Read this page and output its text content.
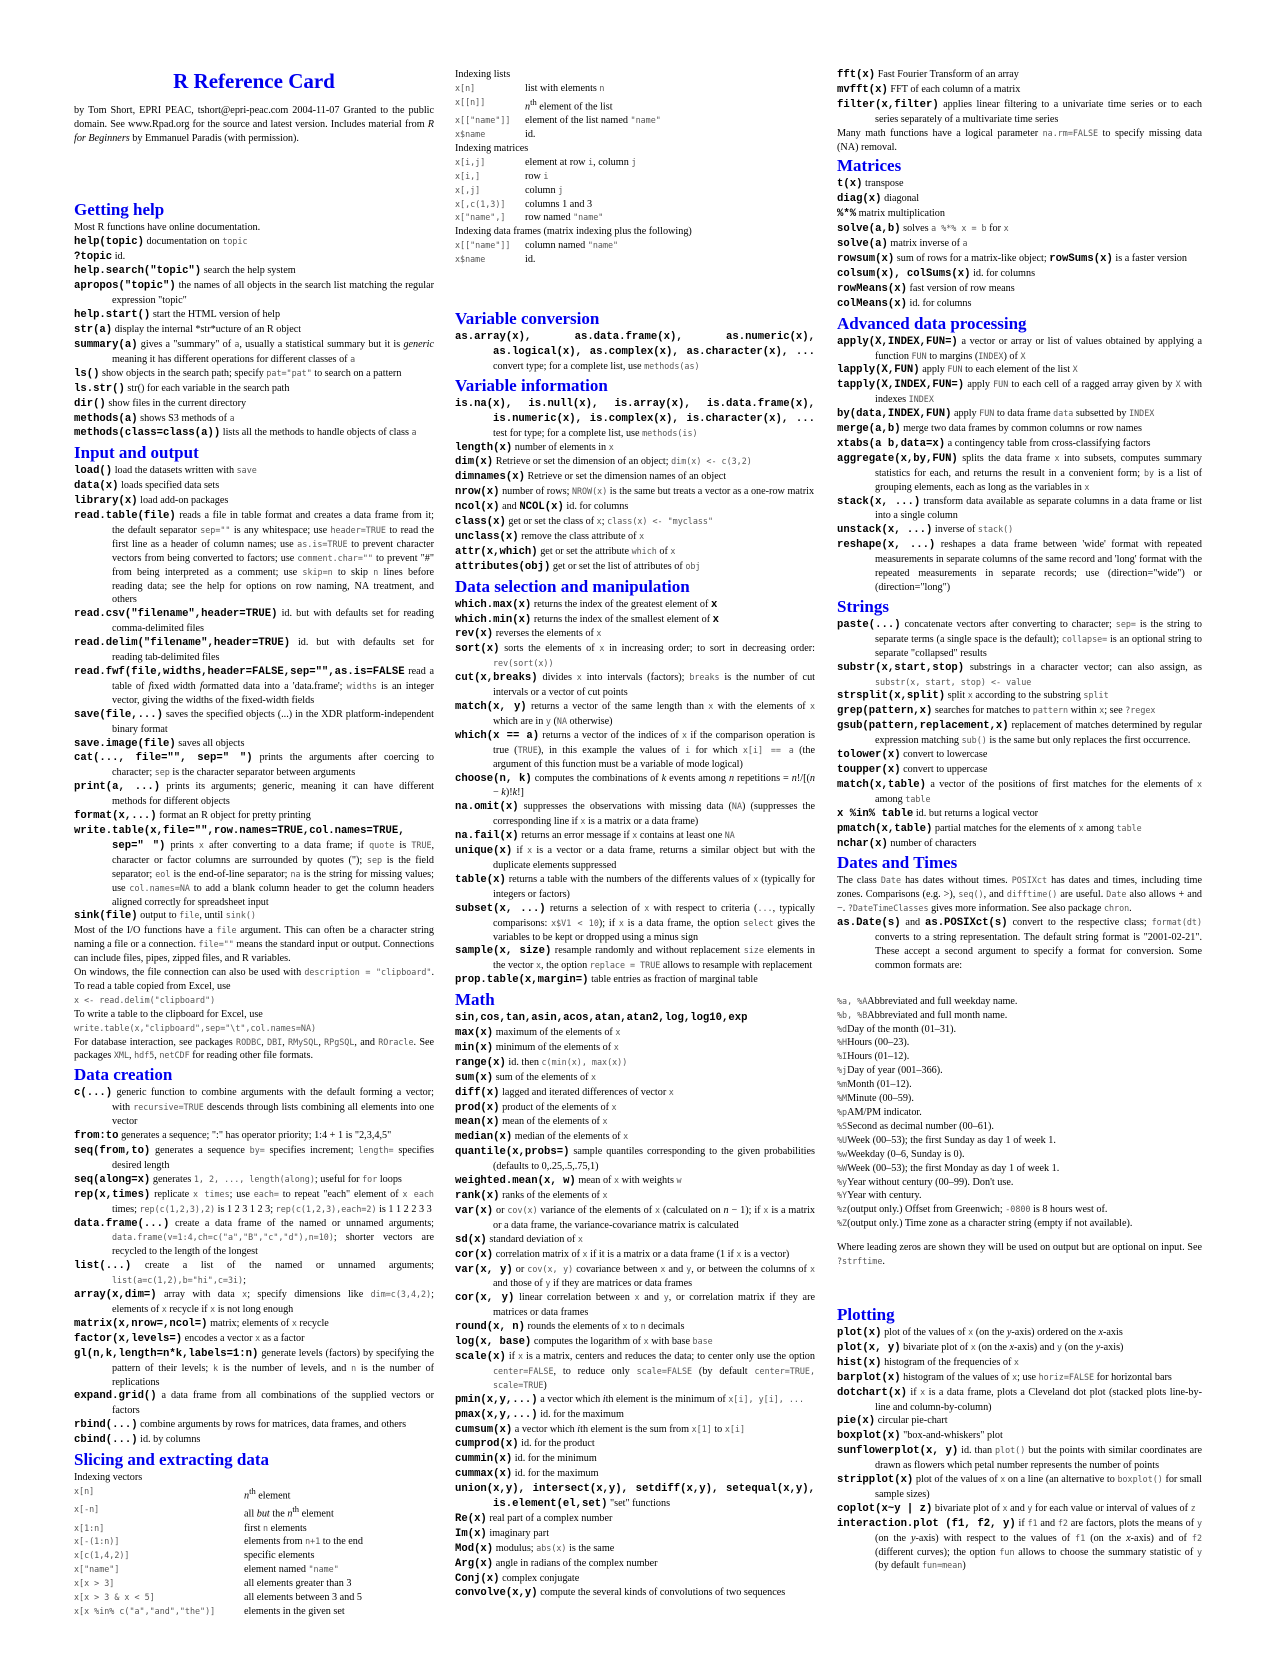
R Reference Card
by Tom Short, EPRI PEAC, tshort@epri-peac.com 2004-11-07 Granted to the public domain. See www.Rpad.org for the source and latest version. Includes material from R for Beginners by Emmanuel Paradis (with permission).
Getting help
Most R functions have online documentation.
help(topic) documentation on topic
?topic id.
help.search("topic") search the help system
apropos("topic") the names of all objects in the search list matching the regular expression "topic"
help.start() start the HTML version of help
str(a) display the internal *str*ucture of an R object
summary(a) gives a "summary" of a, usually a statistical summary but it is generic meaning it has different operations for different classes of a
ls() show objects in the search path; specify pat="pat" to search on a pattern
ls.str() str() for each variable in the search path
dir() show files in the current directory
methods(a) shows S3 methods of a
methods(class=class(a)) lists all the methods to handle objects of class a
Input and output
load() load the datasets written with save
data(x) loads specified data sets
library(x) load add-on packages
read.table(file) reads a file in table format and creates a data frame from it; the default separator sep="" is any whitespace; use header=TRUE to read the first line as a header of column names; use as.is=TRUE to prevent character vectors from being converted to factors; use comment.char="" to prevent "#" from being interpreted as a comment; use skip=n to skip n lines before reading data; see the help for options on row naming, NA treatment, and others
read.csv("filename",header=TRUE) id. but with defaults set for reading comma-delimited files
read.delim("filename",header=TRUE) id. but with defaults set for reading tab-delimited files
read.fwf(file,widths,header=FALSE,sep="",as.is=FALSE read a table of fixed width formatted data into a 'data.frame'; widths is an integer vector, giving the widths of the fixed-width fields
save(file,...) saves the specified objects (...) in the XDR platform-independent binary format
save.image(file) saves all objects
cat(..., file="", sep=" ") prints the arguments after coercing to character; sep is the character separator between arguments
print(a, ...) prints its arguments; generic, meaning it can have different methods for different objects
format(x,...) format an R object for pretty printing
write.table(x,file="",row.names=TRUE,col.names=TRUE, sep=" ") prints x after converting to a data frame; if quote is TRUE, character or factor columns are surrounded by quotes ("); sep is the field separator; eol is the end-of-line separator; na is the string for missing values; use col.names=NA to add a blank column header to get the column headers aligned correctly for spreadsheet input
sink(file) output to file, until sink()
Most of the I/O functions have a file argument. This can often be a character string naming a file or a connection. file="" means the standard input or output. Connections can include files, pipes, zipped files, and R variables.
On windows, the file connection can also be used with description = "clipboard". To read a table copied from Excel, use
x <- read.delim("clipboard")
To write a table to the clipboard for Excel, use
write.table(x,"clipboard",sep="\t",col.names=NA)
For database interaction, see packages RODBC, DBI, RMySQL, RPgSQL, and ROracle. See packages XML, hdf5, netCDF for reading other file formats.
Data creation
c(...) generic function to combine arguments with the default forming a vector; with recursive=TRUE descends through lists combining all elements into one vector
from:to generates a sequence; ":" has operator priority; 1:4 + 1 is "2,3,4,5"
seq(from,to) generates a sequence by= specifies increment; length= specifies desired length
seq(along=x) generates 1, 2, ..., length(along); useful for for loops
rep(x,times) replicate x times; use each= to repeat "each" element of x each times; rep(c(1,2,3),2) is 1 2 3 1 2 3; rep(c(1,2,3),each=2) is 1 1 2 2 3 3
data.frame(...) create a data frame of the named or unnamed arguments; data.frame(v=1:4,ch=c("a","B","c","d"),n=10); shorter vectors are recycled to the length of the longest
list(...) create a list of the named or unnamed arguments; list(a=c(1,2),b="hi",c=3i);
array(x,dim=) array with data x; specify dimensions like dim=c(3,4,2); elements of x recycle if x is not long enough
matrix(x,nrow=,ncol=) matrix; elements of x recycle
factor(x,levels=) encodes a vector x as a factor
gl(n,k,length=n*k,labels=1:n) generate levels (factors) by specifying the pattern of their levels; k is the number of levels, and n is the number of replications
expand.grid() a data frame from all combinations of the supplied vectors or factors
rbind(...) combine arguments by rows for matrices, data frames, and others
cbind(...) id. by columns
Slicing and extracting data
Indexing vectors
x[n]	$n^{th}$ element
x[-n]	all but the $n^{th}$ element
x[1:n]	first n elements
x[-(1:n)]	elements from n+1 to the end
x[c(1,4,2)]	specific elements
x["name"]	element named "name"
x[x > 3]	all elements greater than 3
x[x > 3 & x < 5]	all elements between 3 and 5
x[x %in% c("a","and","the")]	elements in the given set
Indexing lists
x[n]	list with elements n
x[[n]]	$n^{th}$ element of the list
x[["name"]]	element of the list named "name"
x$name	id.
Indexing matrices
x[i,j]	element at row i, column j
x[i,]	row i
x[,j]	column j
x[,c(1,3)]	columns 1 and 3
x["name",]	row named "name"
Indexing data frames (matrix indexing plus the following)
x[["name"]]	column named "name"
x$name	id.
Variable conversion
as.array(x), as.data.frame(x), as.numeric(x), as.logical(x), as.complex(x), as.character(x), ... convert type; for a complete list, use methods(as)
Variable information
is.na(x), is.null(x), is.array(x), is.data.frame(x), is.numeric(x), is.complex(x), is.character(x), ... test for type; for a complete list, use methods(is)
length(x) number of elements in x
dim(x) Retrieve or set the dimension of an object; dim(x) <- c(3,2)
dimnames(x) Retrieve or set the dimension names of an object
nrow(x) number of rows; NROW(x) is the same but treats a vector as a one-row matrix
ncol(x) and NCOL(x) id. for columns
class(x) get or set the class of x; class(x) <- "myclass"
unclass(x) remove the class attribute of x
attr(x,which) get or set the attribute which of x
attributes(obj) get or set the list of attributes of obj
Data selection and manipulation
which.max(x) returns the index of the greatest element of x
which.min(x) returns the index of the smallest element of x
rev(x) reverses the elements of x
sort(x) sorts the elements of x in increasing order; to sort in decreasing order: rev(sort(x))
cut(x,breaks) divides x into intervals (factors); breaks is the number of cut intervals or a vector of cut points
match(x, y) returns a vector of the same length than x with the elements of x which are in y (NA otherwise)
which(x == a) returns a vector of the indices of x if the comparison operation is true (TRUE), in this example the values of i for which x[i] == a (the argument of this function must be a variable of mode logical)
choose(n, k) computes the combinations of k events among n repetitions = n!/[(n − k)!k!]
na.omit(x) suppresses the observations with missing data (NA) (suppresses the corresponding line if x is a matrix or a data frame)
na.fail(x) returns an error message if x contains at least one NA
unique(x) if x is a vector or a data frame, returns a similar object but with the duplicate elements suppressed
table(x) returns a table with the numbers of the differents values of x (typically for integers or factors)
subset(x, ...) returns a selection of x with respect to criteria (..., typically comparisons: x$V1 < 10); if x is a data frame, the option select gives the variables to be kept or dropped using a minus sign
sample(x, size) resample randomly and without replacement size elements in the vector x, the option replace = TRUE allows to resample with replacement
prop.table(x,margin=) table entries as fraction of marginal table
Math
sin,cos,tan,asin,acos,atan,atan2,log,log10,exp
max(x) maximum of the elements of x
min(x) minimum of the elements of x
range(x) id. then c(min(x), max(x))
sum(x) sum of the elements of x
diff(x) lagged and iterated differences of vector x
prod(x) product of the elements of x
mean(x) mean of the elements of x
median(x) median of the elements of x
quantile(x,probs=) sample quantiles corresponding to the given probabilities (defaults to 0,.25,.5,.75,1)
weighted.mean(x, w) mean of x with weights w
rank(x) ranks of the elements of x
var(x) or cov(x) variance of the elements of x (calculated on n − 1); if x is a matrix or a data frame, the variance-covariance matrix is calculated
sd(x) standard deviation of x
cor(x) correlation matrix of x if it is a matrix or a data frame (1 if x is a vector)
var(x, y) or cov(x, y) covariance between x and y, or between the columns of x and those of y if they are matrices or data frames
cor(x, y) linear correlation between x and y, or correlation matrix if they are matrices or data frames
round(x, n) rounds the elements of x to n decimals
log(x, base) computes the logarithm of x with base base
scale(x) if x is a matrix, centers and reduces the data; to center only use the option center=FALSE, to reduce only scale=FALSE (by default center=TRUE, scale=TRUE)
pmin(x,y,...) a vector which ith element is the minimum of x[i], y[i], ...
pmax(x,y,...) id. for the maximum
cumsum(x) a vector which ith element is the sum from x[1] to x[i]
cumprod(x) id. for the product
cummin(x) id. for the minimum
cummax(x) id. for the maximum
union(x,y), intersect(x,y), setdiff(x,y), setequal(x,y), is.element(el,set) "set" functions
Re(x) real part of a complex number
Im(x) imaginary part
Mod(x) modulus; abs(x) is the same
Arg(x) angle in radians of the complex number
Conj(x) complex conjugate
convolve(x,y) compute the several kinds of convolutions of two sequences
fft(x) Fast Fourier Transform of an array
mvfft(x) FFT of each column of a matrix
filter(x,filter) applies linear filtering to a univariate time series or to each series separately of a multivariate time series
Many math functions have a logical parameter na.rm=FALSE to specify missing data (NA) removal.
Matrices
t(x) transpose
diag(x) diagonal
%*% matrix multiplication
solve(a,b) solves a %*% x = b for x
solve(a) matrix inverse of a
rowsum(x) sum of rows for a matrix-like object; rowSums(x) is a faster version
colsum(x), colSums(x) id. for columns
rowMeans(x) fast version of row means
colMeans(x) id. for columns
Advanced data processing
apply(X,INDEX,FUN=) a vector or array or list of values obtained by applying a function FUN to margins (INDEX) of X
lapply(X,FUN) apply FUN to each element of the list X
tapply(X,INDEX,FUN=) apply FUN to each cell of a ragged array given by X with indexes INDEX
by(data,INDEX,FUN) apply FUN to data frame data subsetted by INDEX
merge(a,b) merge two data frames by common columns or row names
xtabs(a b,data=x) a contingency table from cross-classifying factors
aggregate(x,by,FUN) splits the data frame x into subsets, computes summary statistics for each, and returns the result in a convenient form; by is a list of grouping elements, each as long as the variables in x
stack(x, ...) transform data available as separate columns in a data frame or list into a single column
unstack(x, ...) inverse of stack()
reshape(x, ...) reshapes a data frame between 'wide' format with repeated measurements in separate columns of the same record and 'long' format with the repeated measurements in separate records; use (direction="wide") or (direction="long")
Strings
paste(...) concatenate vectors after converting to character; sep= is the string to separate terms (a single space is the default); collapse= is an optional string to separate "collapsed" results
substr(x,start,stop) substrings in a character vector; can also assign, as substr(x, start, stop) <- value
strsplit(x,split) split x according to the substring split
grep(pattern,x) searches for matches to pattern within x; see ?regex
gsub(pattern,replacement,x) replacement of matches determined by regular expression matching sub() is the same but only replaces the first occurrence.
tolower(x) convert to lowercase
toupper(x) convert to uppercase
match(x,table) a vector of the positions of first matches for the elements of x among table
x %in% table id. but returns a logical vector
pmatch(x,table) partial matches for the elements of x among table
nchar(x) number of characters
Dates and Times
The class Date has dates without times. POSIXct has dates and times, including time zones. Comparisons (e.g. >), seq(), and difftime() are useful. Date also allows + and −. ?DateTimeClasses gives more information. See also package chron.
as.Date(s) and as.POSIXct(s) convert to the respective class; format(dt) converts to a string representation. The default string format is "2001-02-21". These accept a second argument to specify a format for conversion. Some common formats are:
%a, %A Abbreviated and full weekday name.
%b, %B Abbreviated and full month name.
%d Day of the month (01–31).
%H Hours (00–23).
%I Hours (01–12).
%j Day of year (001–366).
%m Month (01–12).
%M Minute (00–59).
%p AM/PM indicator.
%S Second as decimal number (00–61).
%U Week (00–53); the first Sunday as day 1 of week 1.
%w Weekday (0–6, Sunday is 0).
%W Week (00–53); the first Monday as day 1 of week 1.
%y Year without century (00–99). Don't use.
%Y Year with century.
%z (output only.) Offset from Greenwich; -0800 is 8 hours west of.
%Z (output only.) Time zone as a character string (empty if not available).
Where leading zeros are shown they will be used on output but are optional on input. See ?strftime.
Plotting
plot(x) plot of the values of x (on the y-axis) ordered on the x-axis
plot(x, y) bivariate plot of x (on the x-axis) and y (on the y-axis)
hist(x) histogram of the frequencies of x
barplot(x) histogram of the values of x; use horiz=FALSE for horizontal bars
dotchart(x) if x is a data frame, plots a Cleveland dot plot (stacked plots line-by-line and column-by-column)
pie(x) circular pie-chart
boxplot(x) "box-and-whiskers" plot
sunflowerplot(x, y) id. than plot() but the points with similar coordinates are drawn as flowers which petal number represents the number of points
stripplot(x) plot of the values of x on a line (an alternative to boxplot() for small sample sizes)
coplot(x~y | z) bivariate plot of x and y for each value or interval of values of z
interaction.plot (f1, f2, y) if f1 and f2 are factors, plots the means of y (on the y-axis) with respect to the values of f1 (on the x-axis) and of f2 (different curves); the option fun allows to choose the summary statistic of y (by default fun=mean)
